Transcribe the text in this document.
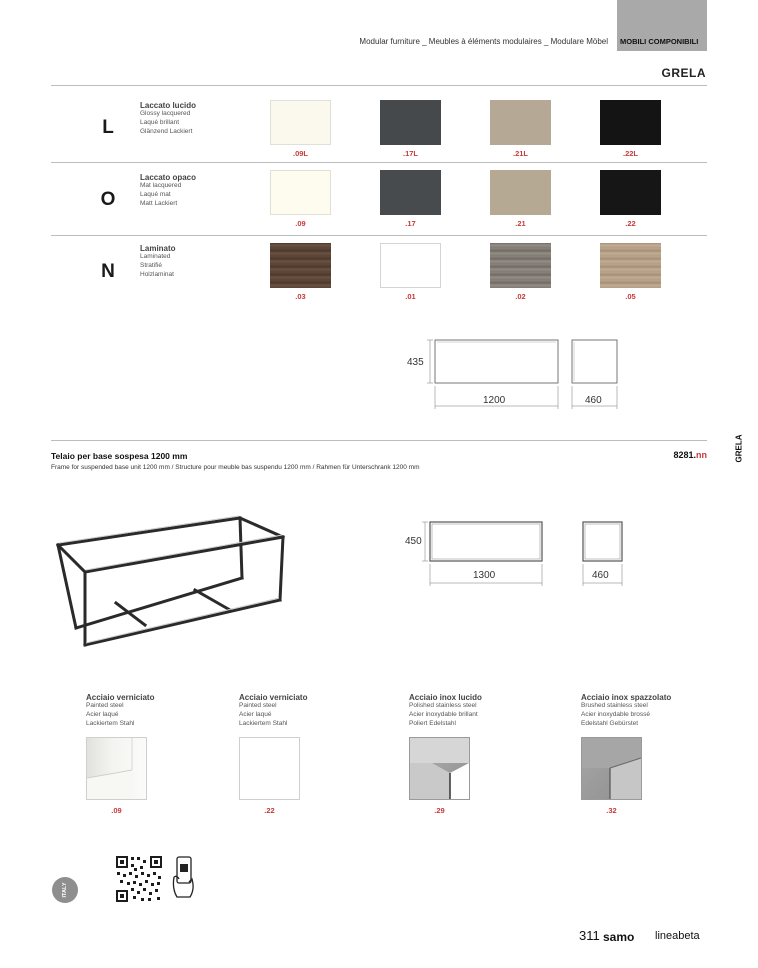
Modular furniture _ Meubles à éléments modulaires _ Modulare Möbel MOBILI COMPONIBILI
GRELA
GRELA
L
Laccato lucido
Glossy lacquered
Laqué brillant
Glänzend Lackiert
.09L	.17L	.21L	.22L
O
Laccato opaco
Mat lacquered
Laqué mat
Matt Lackiert
.09	.17	.21	.22
N
Laminato
Laminated
Stratifié
Holzlaminat
.03	.01	.02	.05
435
1200	460
Telaio per base sospesa 1200 mm
Frame for suspended base unit 1200 mm / Structure pour meuble bas suspendu 1200 mm / Rahmen für Unterschrank 1200 mm
8281.nn
450
1300	460
Acciaio verniciato
Painted steel
Acier laqué
Lackiertem Stahl
Acciaio verniciato
Painted steel
Acier laqué
Lackiertem Stahl
Acciaio inox lucido
Polished stainless steel
Acier inoxydable brillant
Poliert Edelstahl
Acciaio inox spazzolato
Brushed stainless steel
Acier inoxydable brossé
Edelstahl Gebürstet
.09	.22	.29	.32
ITALY
311 samo lineabeta
